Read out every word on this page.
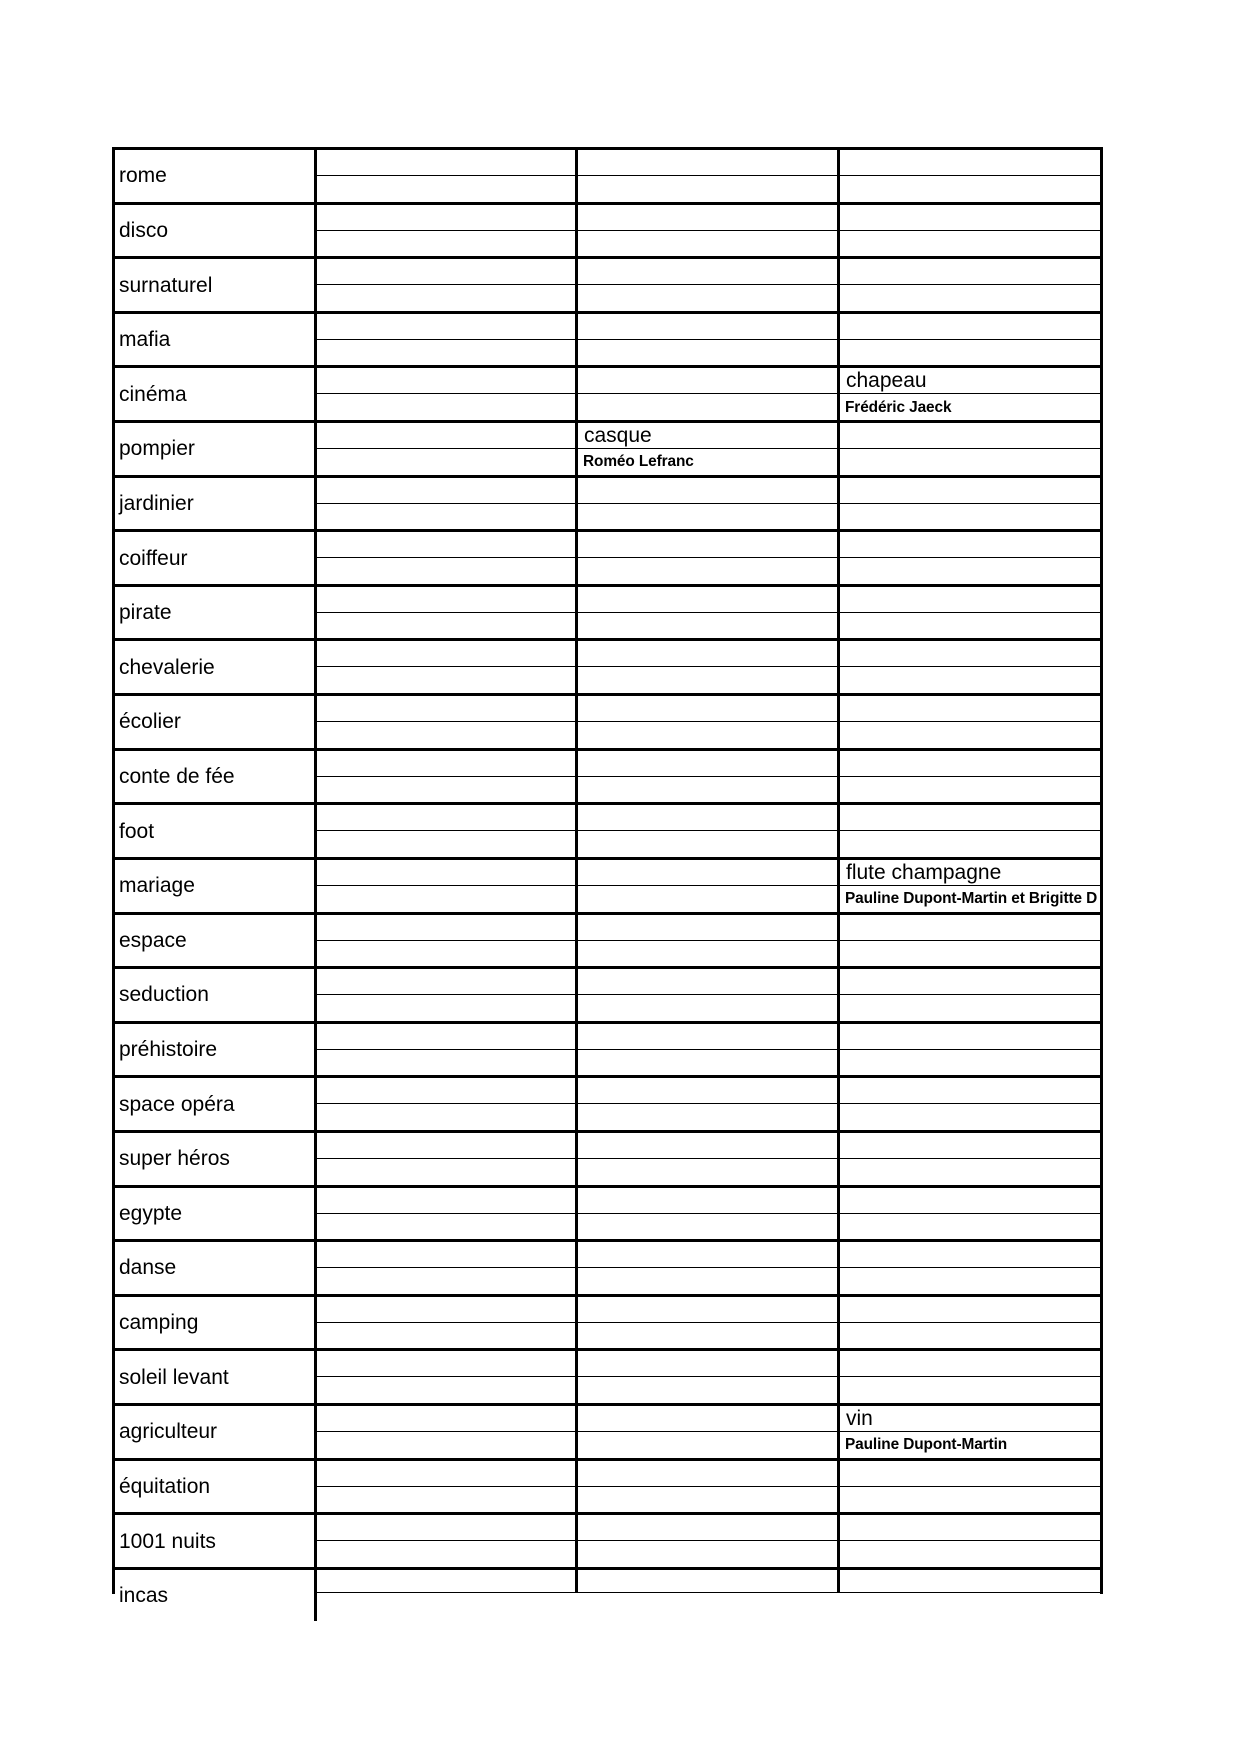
rome
disco
surnaturel
mafia
cinéma
chapeau
Frédéric Jaeck
pompier
casque
Roméo Lefranc
jardinier
coiffeur
pirate
chevalerie
écolier
conte de fée
foot
mariage
flute champagne
Pauline Dupont-Martin et Brigitte D
espace
seduction
préhistoire
space opéra
super héros
egypte
danse
camping
soleil levant
agriculteur
vin
Pauline Dupont-Martin
équitation
1001 nuits
incas
